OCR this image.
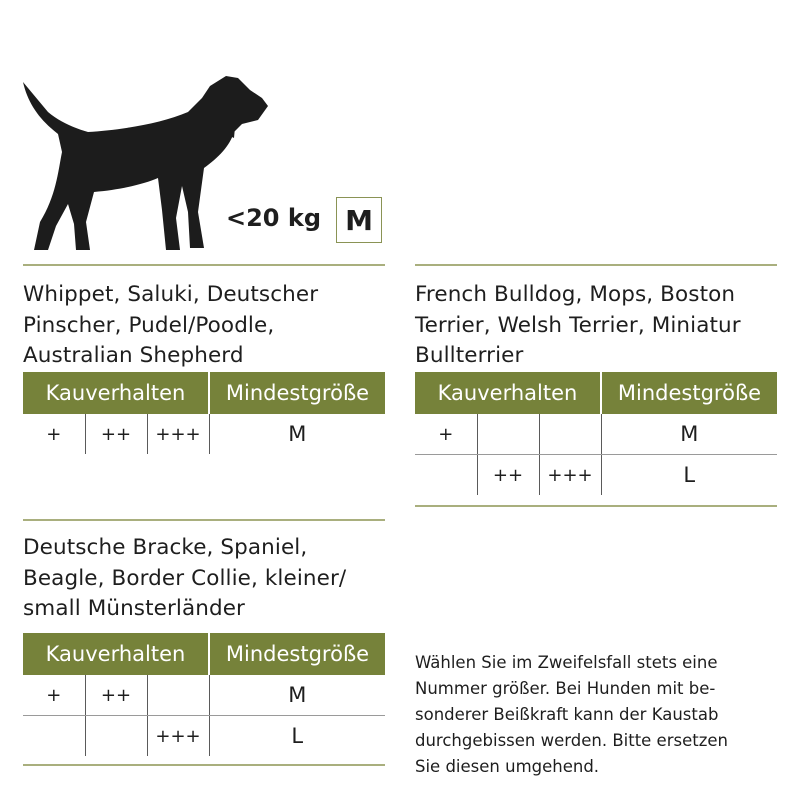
<20 kg M
Whippet, Saluki, Deutscher
Pinscher, Pudel/Poodle,
Australian Shepherd
Kauverhalten			Mindestgröße
+	++	+++	M
French Bulldog, Mops, Boston
Terrier, Welsh Terrier, Miniatur
Bullterrier
Kauverhalten			Mindestgröße
+			M
	++	+++	L
Deutsche Bracke, Spaniel,
Beagle, Border Collie, kleiner/
small Münsterländer
Kauverhalten			Mindestgröße
+	++		M
		+++	L
Wählen Sie im Zweifelsfall stets eine
Nummer größer. Bei Hunden mit be-
sonderer Beißkraft kann der Kaustab
durchgebissen werden. Bitte ersetzen
Sie diesen umgehend.
